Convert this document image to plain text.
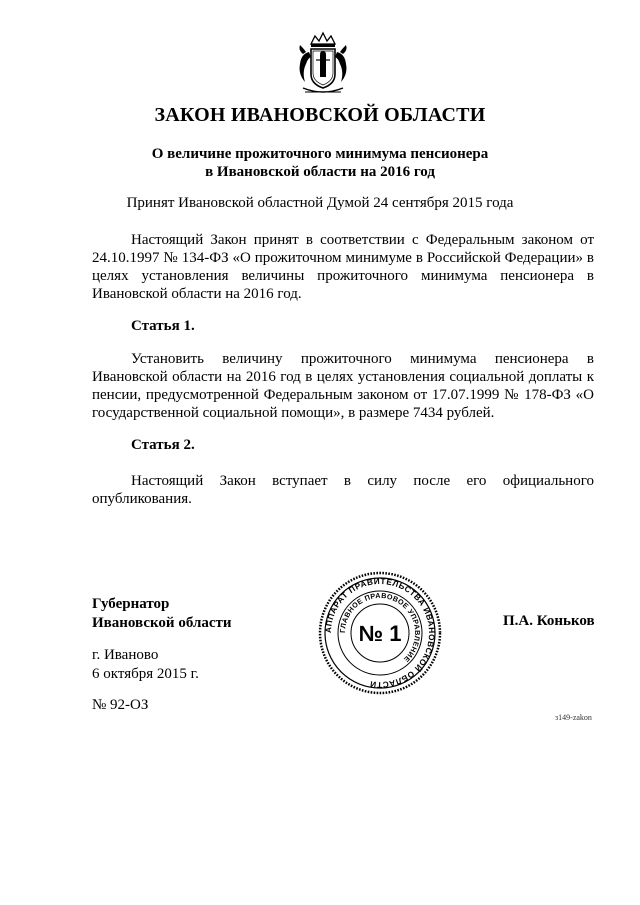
ЗАКОН ИВАНОВСКОЙ ОБЛАСТИ
О величине прожиточного минимума пенсионера
в Ивановской области на 2016 год
Принят Ивановской областной Думой 24 сентября 2015 года
Настоящий Закон принят в соответствии с Федеральным законом от 24.10.1997 № 134-ФЗ «О прожиточном минимуме в Российской Федерации» в целях установления величины прожиточного минимума пенсионера в Ивановской области на 2016 год.
Статья 1.
Установить величину прожиточного минимума пенсионера в Ивановской области на 2016 год в целях установления социальной доплаты к пенсии, предусмотренной Федеральным законом от 17.07.1999 № 178-ФЗ «О государственной социальной помощи», в размере 7434 рублей.
Статья 2.
Настоящий Закон вступает в силу после его официального опубликования.
Губернатор
Ивановской области	П.А. Коньков
г. Иваново
6 октября 2015 г.
№ 92-ОЗ
з149-zakon
АППАРАТ ПРАВИТЕЛЬСТВА ИВАНОВСКОЙ ОБЛАСТИ
ГЛАВНОЕ ПРАВОВОЕ УПРАВЛЕНИЕ
№ 1
